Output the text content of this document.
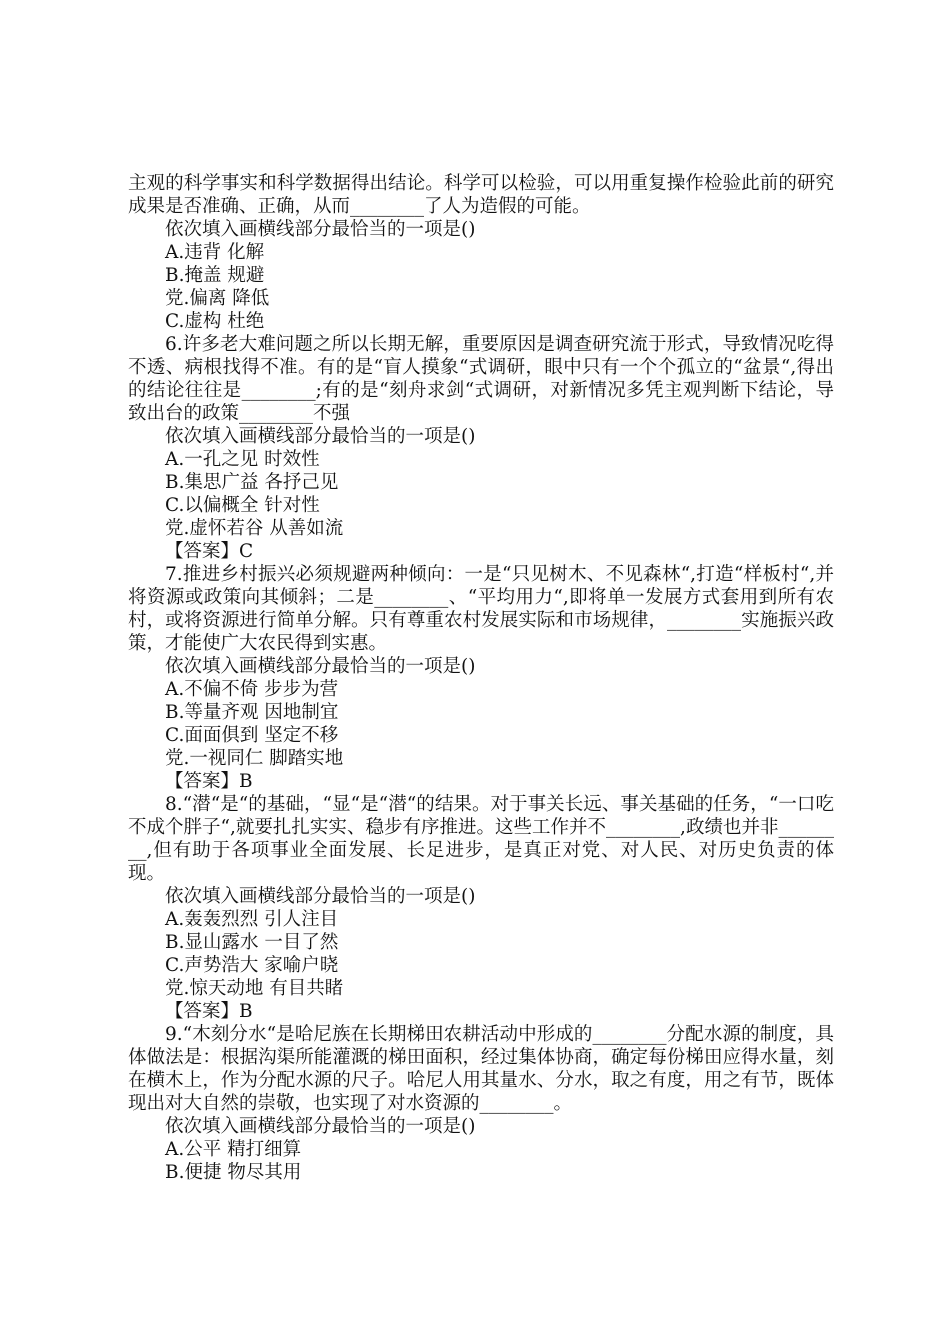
主观的科学事实和科学数据得出结论。科学可以检验，可以用重复操作检验此前的研究成果是否准确、正确，从而________了人为造假的可能。
依次填入画横线部分最恰当的一项是()
A.违背 化解
B.掩盖 规避
党.偏离 降低
C.虚构 杜绝
6.许多老大难问题之所以长期无解，重要原因是调查研究流于形式，导致情况吃得不透、病根找得不准。有的是“盲人摸象“式调研，眼中只有一个个孤立的“盆景“,得出的结论往往是________;有的是“刻舟求剑“式调研，对新情况多凭主观判断下结论，导致出台的政策________不强
依次填入画横线部分最恰当的一项是()
A.一孔之见 时效性
B.集思广益 各抒己见
C.以偏概全 针对性
党.虚怀若谷 从善如流
【答案】C
7.推进乡村振兴必须规避两种倾向：一是“只见树木、不见森林“,打造“样板村“,并将资源或政策向其倾斜；二是________、“平均用力“,即将单一发展方式套用到所有农村，或将资源进行简单分解。只有尊重农村发展实际和市场规律，________实施振兴政策，才能使广大农民得到实惠。
依次填入画横线部分最恰当的一项是()
A.不偏不倚 步步为营
B.等量齐观 因地制宜
C.面面俱到 坚定不移
党.一视同仁 脚踏实地
【答案】B
8.“潜“是“的基础，“显“是“潜“的结果。对于事关长远、事关基础的任务，“一口吃不成个胖子“,就要扎扎实实、稳步有序推进。这些工作并不________,政绩也并非________,但有助于各项事业全面发展、长足进步，是真正对党、对人民、对历史负责的体现。
依次填入画横线部分最恰当的一项是()
A.轰轰烈烈 引人注目
B.显山露水 一目了然
C.声势浩大 家喻户晓
党.惊天动地 有目共睹
【答案】B
9.“木刻分水“是哈尼族在长期梯田农耕活动中形成的________分配水源的制度，具体做法是：根据沟渠所能灌溉的梯田面积，经过集体协商，确定每份梯田应得水量，刻在横木上，作为分配水源的尺子。哈尼人用其量水、分水，取之有度，用之有节，既体现出对大自然的崇敬，也实现了对水资源的________。
依次填入画横线部分最恰当的一项是()
A.公平 精打细算
B.便捷 物尽其用
